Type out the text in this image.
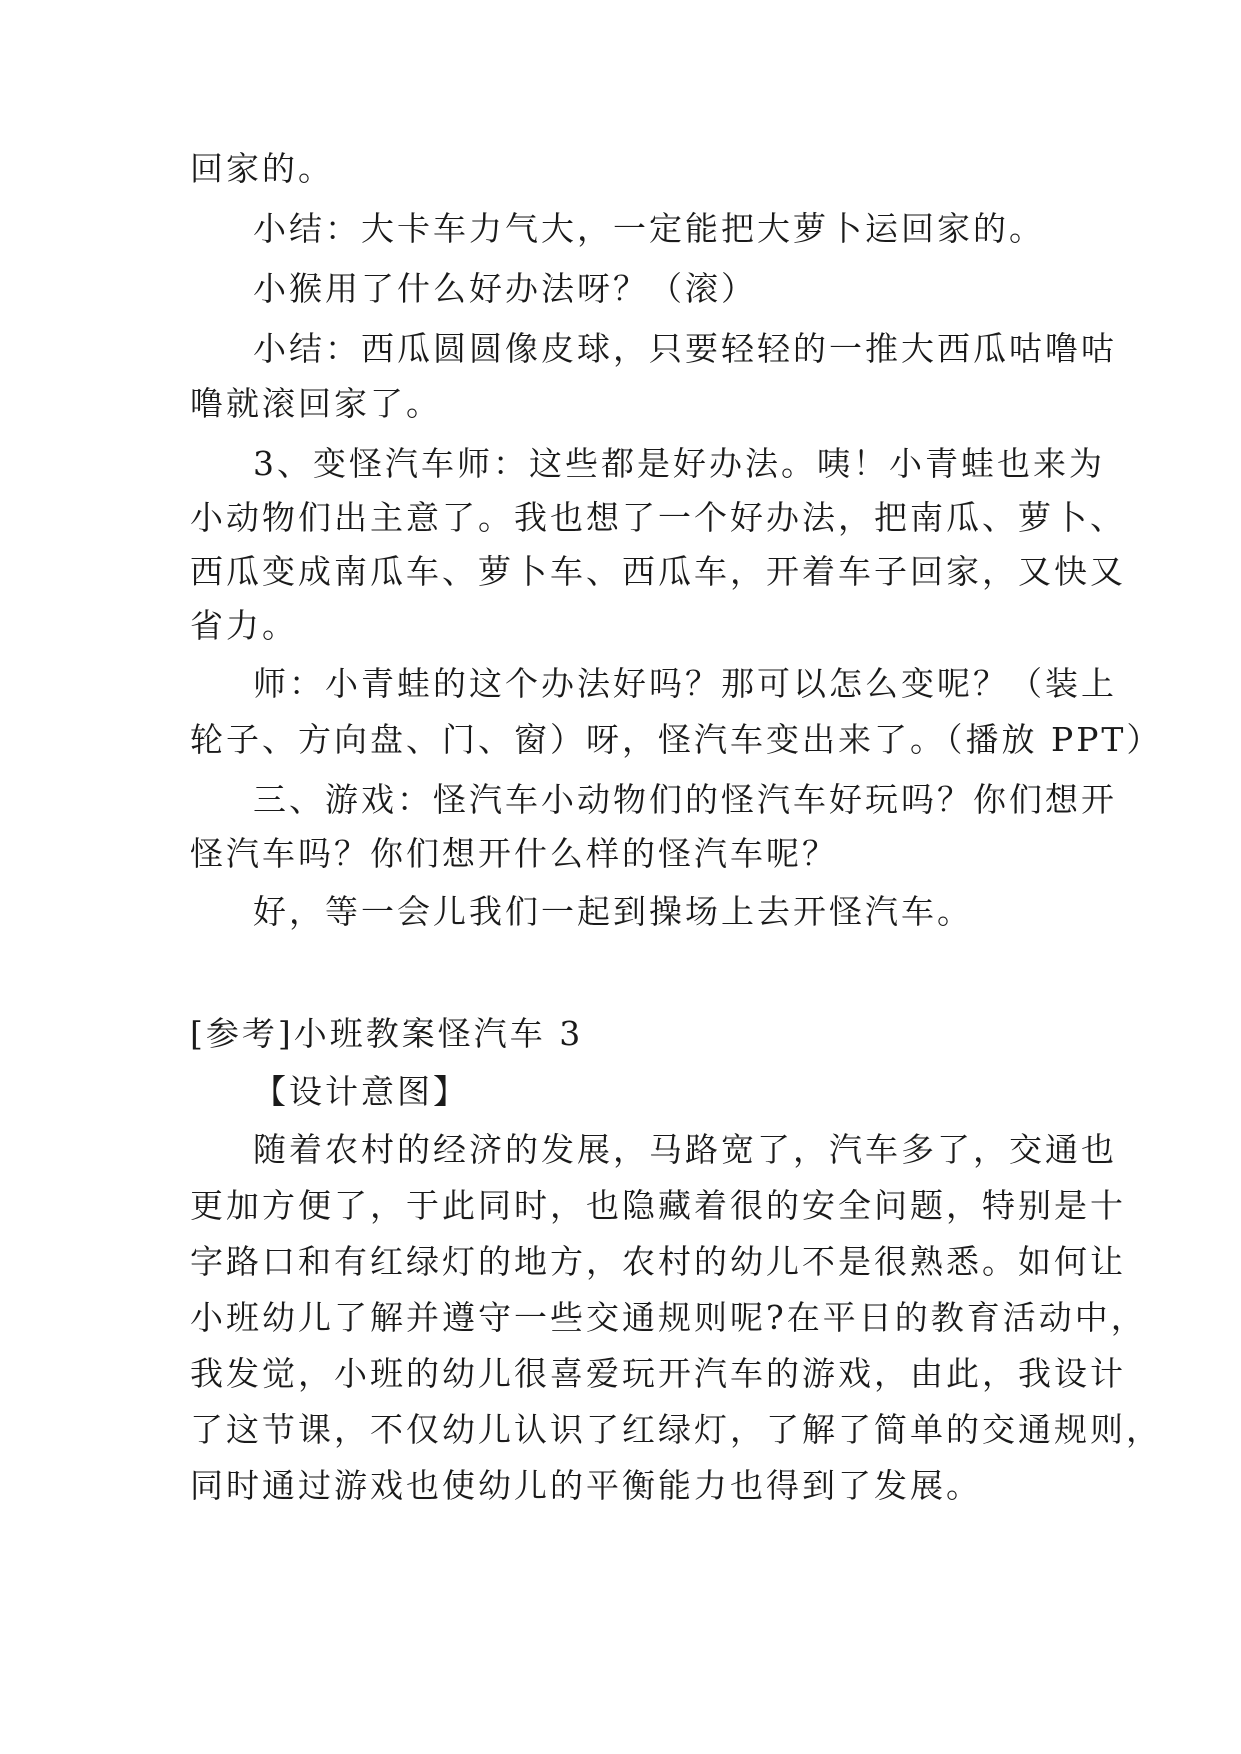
回家的。

小结：大卡车力气大，一定能把大萝卜运回家的。

小猴用了什么好办法呀？（滚）

小结：西瓜圆圆像皮球，只要轻轻的一推大西瓜咕噜咕

噜就滚回家了。

3、变怪汽车师：这些都是好办法。咦！小青蛙也来为

小动物们出主意了。我也想了一个好办法，把南瓜、萝卜、

西瓜变成南瓜车、萝卜车、西瓜车，开着车子回家，又快又

省力。

师：小青蛙的这个办法好吗？那可以怎么变呢？（装上

轮子、方向盘、门、窗）呀，怪汽车变出来了。（播放 PPT）

三、游戏：怪汽车小动物们的怪汽车好玩吗？你们想开

怪汽车吗？你们想开什么样的怪汽车呢？

好，等一会儿我们一起到操场上去开怪汽车。

[参考]小班教案怪汽车 3

【设计意图】

随着农村的经济的发展，马路宽了，汽车多了，交通也

更加方便了，于此同时，也隐藏着很的安全问题，特别是十

字路口和有红绿灯的地方，农村的幼儿不是很熟悉。如何让

小班幼儿了解并遵守一些交通规则呢?在平日的教育活动中，

我发觉，小班的幼儿很喜爱玩开汽车的游戏，由此，我设计

了这节课，不仅幼儿认识了红绿灯，了解了简单的交通规则，

同时通过游戏也使幼儿的平衡能力也得到了发展。
